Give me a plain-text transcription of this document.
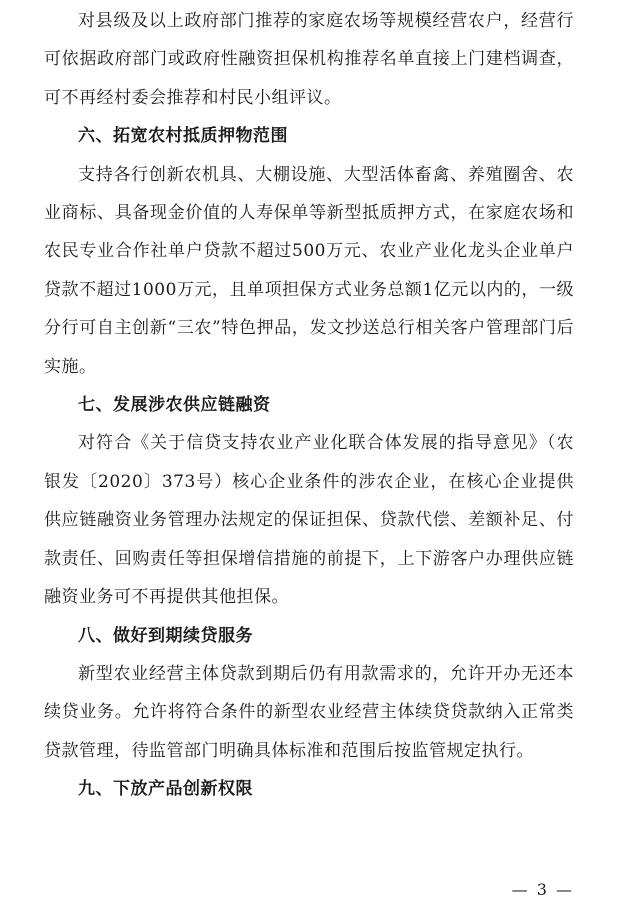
对县级及以上政府部门推荐的家庭农场等规模经营农户，经营行可依据政府部门或政府性融资担保机构推荐名单直接上门建档调查，可不再经村委会推荐和村民小组评议。

六、拓宽农村抵质押物范围

支持各行创新农机具、大棚设施、大型活体畜禽、养殖圈舍、农业商标、具备现金价值的人寿保单等新型抵质押方式，在家庭农场和农民专业合作社单户贷款不超过500万元、农业产业化龙头企业单户贷款不超过1000万元，且单项担保方式业务总额1亿元以内的，一级分行可自主创新“三农”特色押品，发文抄送总行相关客户管理部门后实施。

七、发展涉农供应链融资

对符合《关于信贷支持农业产业化联合体发展的指导意见》（农银发〔2020〕373号）核心企业条件的涉农企业，在核心企业提供供应链融资业务管理办法规定的保证担保、贷款代偿、差额补足、付款责任、回购责任等担保增信措施的前提下，上下游客户办理供应链融资业务可不再提供其他担保。

八、做好到期续贷服务

新型农业经营主体贷款到期后仍有用款需求的，允许开办无还本续贷业务。允许将符合条件的新型农业经营主体续贷贷款纳入正常类贷款管理，待监管部门明确具体标准和范围后按监管规定执行。

九、下放产品创新权限

— 3 —
